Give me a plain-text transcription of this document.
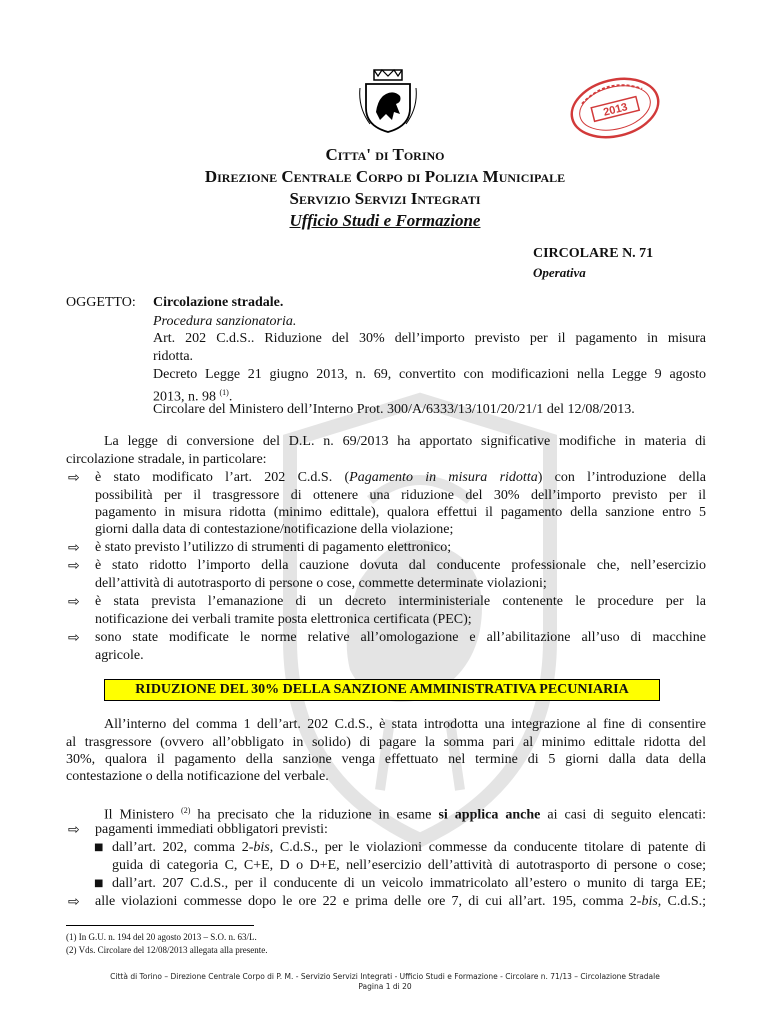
2013
Citta' di Torino
Direzione Centrale Corpo di Polizia Municipale
Servizio Servizi Integrati
Ufficio Studi e Formazione
CIRCOLARE N. 71
Operativa
OGGETTO: Circolazione stradale.
Procedura sanzionatoria.
Art. 202 C.d.S.. Riduzione del 30% dell’importo previsto per il pagamento in misura
ridotta.
Decreto Legge 21 giugno 2013, n. 69, convertito con modificazioni nella Legge 9 agosto
2013, n. 98 $^{(1)}$.
Circolare del Ministero dell’Interno Prot. 300/A/6333/13/101/20/21/1 del 12/08/2013.
La legge di conversione del D.L. n. 69/2013 ha apportato significative modifiche in materia di
circolazione stradale, in particolare:
⇨ è stato modificato l’art. 202 C.d.S. (Pagamento in misura ridotta) con l’introduzione della
possibilità per il trasgressore di ottenere una riduzione del 30% dell’importo previsto per il
pagamento in misura ridotta (minimo edittale), qualora effettui il pagamento della sanzione entro 5
giorni dalla data di contestazione/notificazione della violazione;
⇨ è stato previsto l’utilizzo di strumenti di pagamento elettronico;
⇨ è stato ridotto l’importo della cauzione dovuta dal conducente professionale che, nell’esercizio
dell’attività di autotrasporto di persone o cose, commette determinate violazioni;
⇨ è stata prevista l’emanazione di un decreto interministeriale contenente le procedure per la
notificazione dei verbali tramite posta elettronica certificata (PEC);
⇨ sono state modificate le norme relative all’omologazione e all’abilitazione all’uso di macchine
agricole.
RIDUZIONE DEL 30% DELLA SANZIONE AMMINISTRATIVA PECUNIARIA
All’interno del comma 1 dell’art. 202 C.d.S., è stata introdotta una integrazione al fine di consentire
al trasgressore (ovvero all’obbligato in solido) di pagare la somma pari al minimo edittale ridotta del
30%, qualora il pagamento della sanzione venga effettuato nel termine di 5 giorni dalla data della
contestazione o della notificazione del verbale.
Il Ministero $^{(2)}$ ha precisato che la riduzione in esame si applica anche ai casi di seguito elencati:
⇨ pagamenti immediati obbligatori previsti:
■ dall’art. 202, comma 2-bis, C.d.S., per le violazioni commesse da conducente titolare di patente di
guida di categoria C, C+E, D o D+E, nell’esercizio dell’attività di autotrasporto di persone o cose;
■ dall’art. 207 C.d.S., per il conducente di un veicolo immatricolato all’estero o munito di targa EE;
⇨ alle violazioni commesse dopo le ore 22 e prima delle ore 7, di cui all’art. 195, comma 2-bis, C.d.S.;
(1) In G.U. n. 194 del 20 agosto 2013 – S.O. n. 63/L.
(2) Vds. Circolare del 12/08/2013 allegata alla presente.
Città di Torino – Direzione Centrale Corpo di P. M. - Servizio Servizi Integrati - Ufficio Studi e Formazione - Circolare n. 71/13 – Circolazione Stradale
Pagina 1 di 20
